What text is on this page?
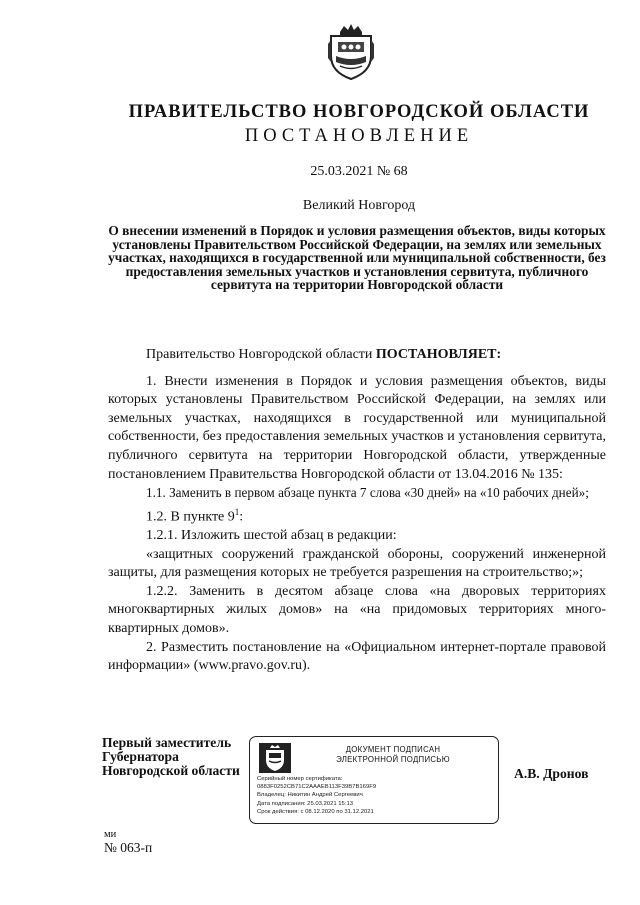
ПРАВИТЕЛЬСТВО НОВГОРОДСКОЙ ОБЛАСТИ
ПОСТАНОВЛЕНИЕ
25.03.2021 № 68
Великий Новгород
О внесении изменений в Порядок и условия размещения объектов, виды которых установлены Правительством Российской Федерации, на землях или земельных участках, находящихся в государственной или муниципальной собственности, без предоставления земельных участков и установления сервитута, публичного сервитута на территории Новгородской области

Правительство Новгородской области ПОСТАНОВЛЯЕТ:

1. Внести изменения в Порядок и условия размещения объектов, виды которых установлены Правительством Российской Федерации, на землях или земельных участках, находящихся в государственной или муниципальной собственности, без предоставления земельных участков и установления сервитута, публичного сервитута на территории Новгородской области, утвержденные постановлением Правительства Новгородской области от 13.04.2016 № 135:

1.1. Заменить в первом абзаце пункта 7 слова «30 дней» на «10 рабочих дней»;

1.2. В пункте $9^1$:

1.2.1. Изложить шестой абзац в редакции:

«защитных сооружений гражданской обороны, сооружений инженерной защиты, для размещения которых не требуется разрешения на строительство;»;

1.2.2. Заменить в десятом абзаце слова «на дворовых территориях многоквартирных жилых домов» на «на придомовых территориях много-квартирных домов».

2. Разместить постановление на «Официальном интернет-портале правовой информации» (www.pravo.gov.ru).

Первый заместитель
Губернатора
Новгородской области
ДОКУМЕНТ ПОДПИСАН
ЭЛЕКТРОННОЙ ПОДПИСЬЮ
Серийный номер сертификата:
0883F0252CB71C2AAAEB113F39B7B169F9
Владелец: Никитин Андрей Сергеевич
Дата подписания: 25.03.2021 15:13
Срок действия: с 08.12.2020 по 31.12.2021
А.В. Дронов
ми
№ 063-п
